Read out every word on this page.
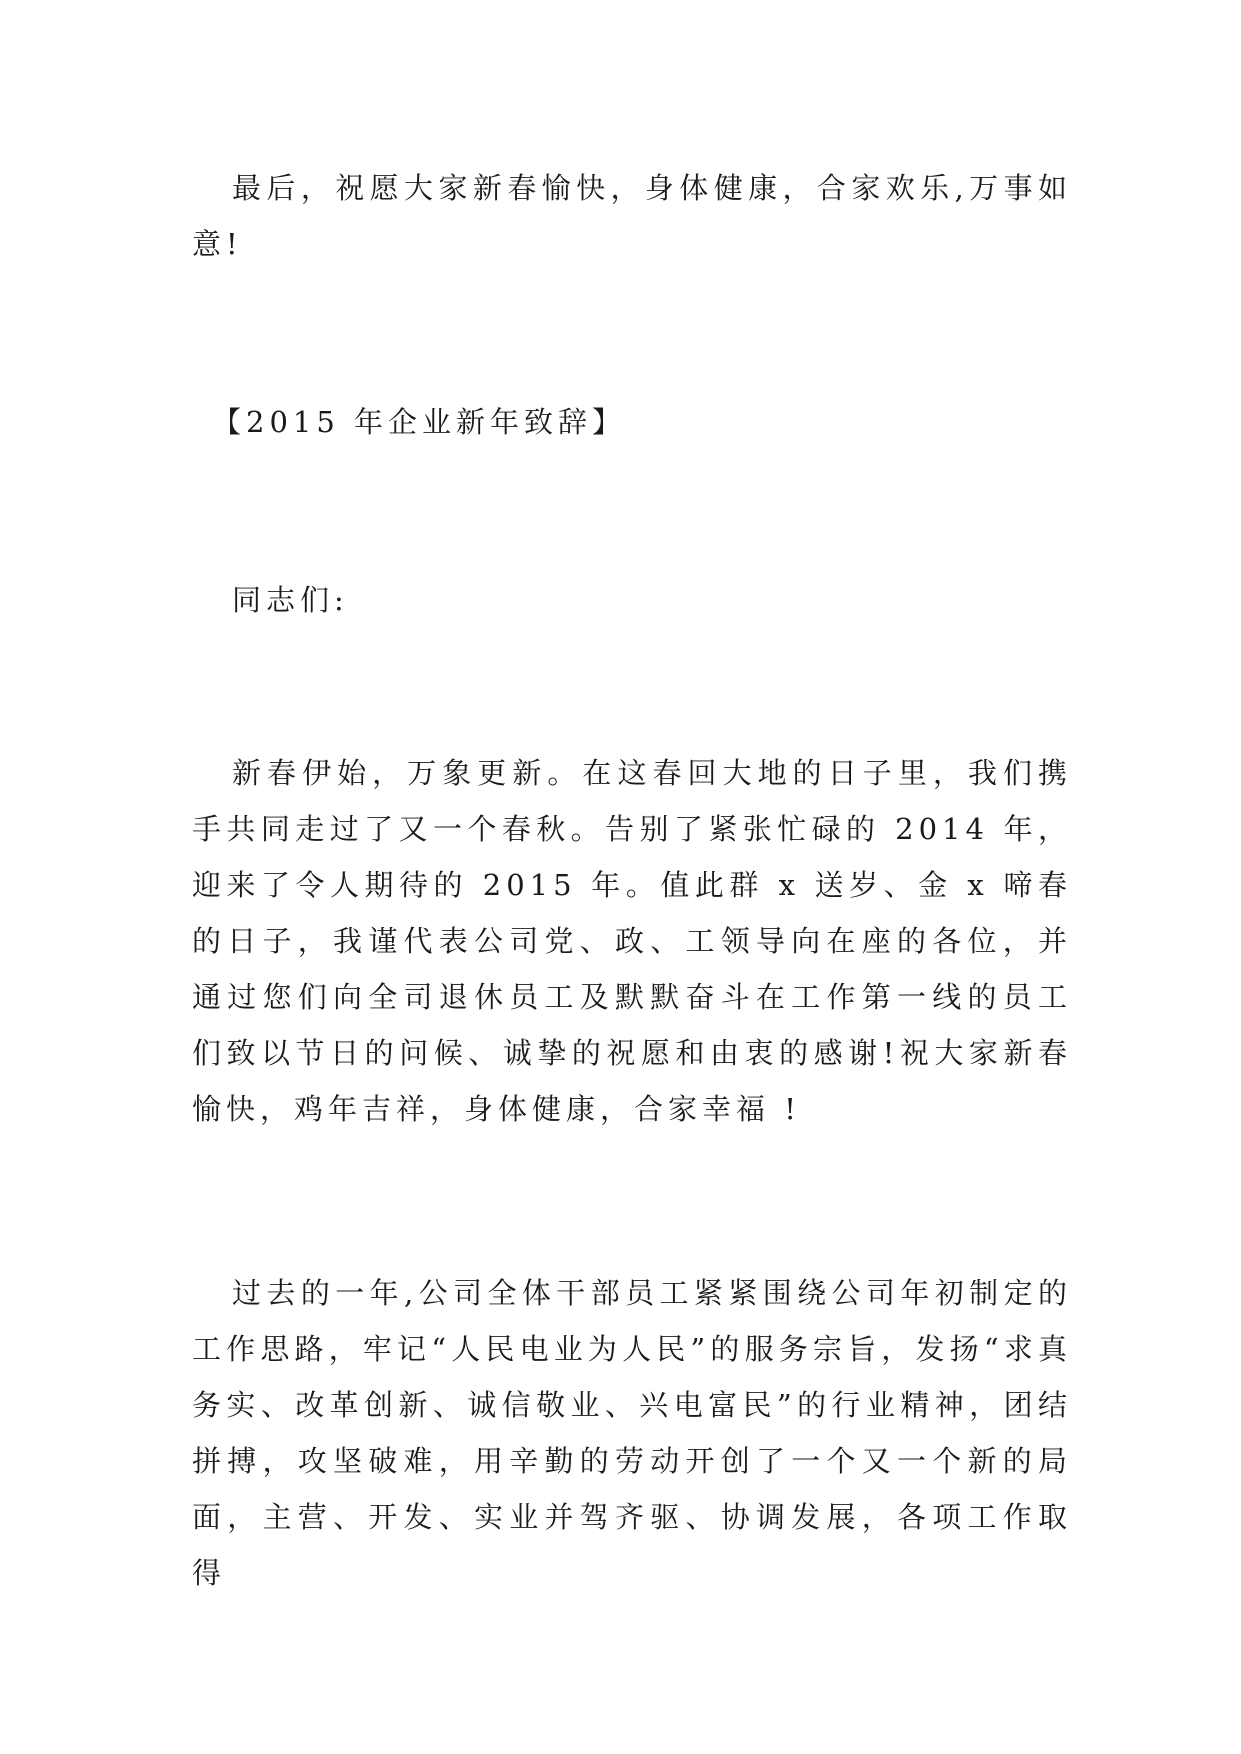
最后，祝愿大家新春愉快，身体健康，合家欢乐,万事如意!

【2015 年企业新年致辞】

同志们:

新春伊始，万象更新。在这春回大地的日子里，我们携手共同走过了又一个春秋。告别了紧张忙碌的 2014 年，迎来了令人期待的 2015 年。值此群 x 送岁、金 x 啼春的日子，我谨代表公司党、政、工领导向在座的各位，并通过您们向全司退休员工及默默奋斗在工作第一线的员工们致以节日的问候、诚挚的祝愿和由衷的感谢!祝大家新春愉快，鸡年吉祥，身体健康，合家幸福 !

过去的一年,公司全体干部员工紧紧围绕公司年初制定的工作思路，牢记“人民电业为人民”的服务宗旨，发扬“求真务实、改革创新、诚信敬业、兴电富民”的行业精神，团结拼搏，攻坚破难，用辛勤的劳动开创了一个又一个新的局面，主营、开发、实业并驾齐驱、协调发展，各项工作取得
